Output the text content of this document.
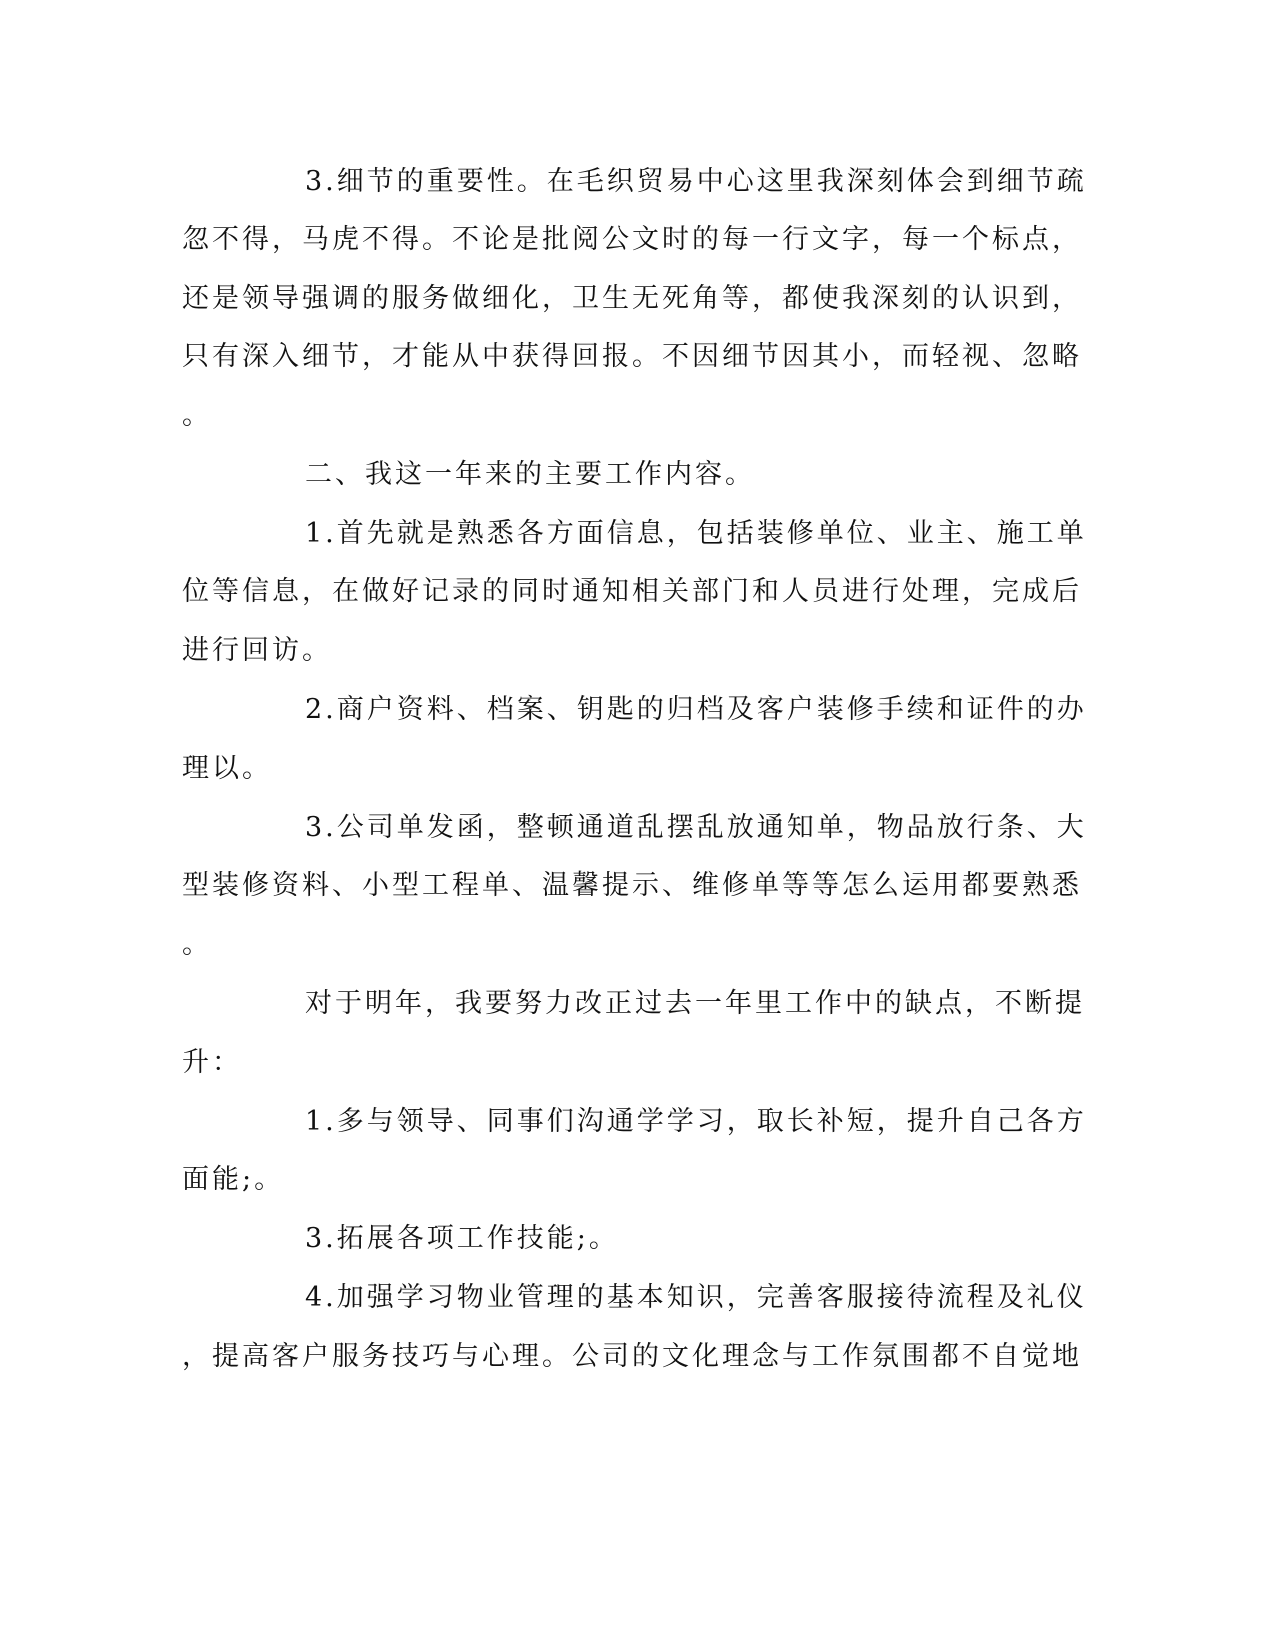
3.细节的重要性。在毛织贸易中心这里我深刻体会到细节疏
忽不得，马虎不得。不论是批阅公文时的每一行文字，每一个标点，
还是领导强调的服务做细化，卫生无死角等，都使我深刻的认识到，
只有深入细节，才能从中获得回报。不因细节因其小，而轻视、忽略
。
二、我这一年来的主要工作内容。
1.首先就是熟悉各方面信息，包括装修单位、业主、施工单
位等信息，在做好记录的同时通知相关部门和人员进行处理，完成后
进行回访。
2.商户资料、档案、钥匙的归档及客户装修手续和证件的办
理以。
3.公司单发函，整顿通道乱摆乱放通知单，物品放行条、大
型装修资料、小型工程单、温馨提示、维修单等等怎么运用都要熟悉
。
对于明年，我要努力改正过去一年里工作中的缺点，不断提
升：
1.多与领导、同事们沟通学学习，取长补短，提升自己各方
面能;。
3.拓展各项工作技能;。
4.加强学习物业管理的基本知识，完善客服接待流程及礼仪
，提高客户服务技巧与心理。公司的文化理念与工作氛围都不自觉地
